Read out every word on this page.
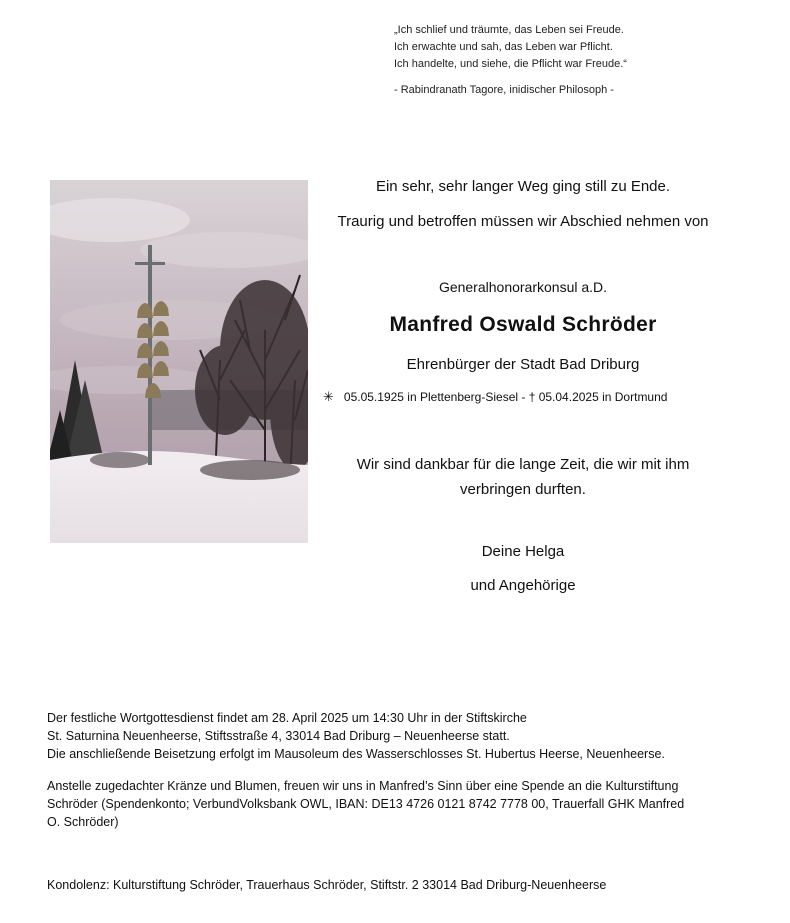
„Ich schlief und träumte, das Leben sei Freude.
Ich erwachte und sah, das Leben war Pflicht.
Ich handelte, und siehe, die Pflicht war Freude.“
- Rabindranath Tagore, inidischer Philosoph -
Ein sehr, sehr langer Weg ging still zu Ende.
Traurig und betroffen müssen wir Abschied nehmen von
Generalhonorarkonsul a.D.
Manfred Oswald Schröder
Ehrenbürger der Stadt Bad Driburg
✳ 05.05.1925 in Plettenberg-Siesel - † 05.04.2025 in Dortmund
Wir sind dankbar für die lange Zeit, die wir mit ihm
verbringen durften.
Deine Helga
und Angehörige
Der festliche Wortgottesdienst findet am 28. April 2025 um 14:30 Uhr in der Stiftskirche
St. Saturnina Neuenheerse, Stiftsstraße 4, 33014 Bad Driburg – Neuenheerse statt.
Die anschließende Beisetzung erfolgt im Mausoleum des Wasserschlosses St. Hubertus Heerse, Neuenheerse.
Anstelle zugedachter Kränze und Blumen, freuen wir uns in Manfred’s Sinn über eine Spende an die Kulturstiftung
Schröder (Spendenkonto; VerbundVolksbank OWL, IBAN: DE13 4726 0121 8742 7778 00, Trauerfall GHK Manfred
O. Schröder)
Kondolenz: Kulturstiftung Schröder, Trauerhaus Schröder, Stiftstr. 2 33014 Bad Driburg-Neuenheerse
